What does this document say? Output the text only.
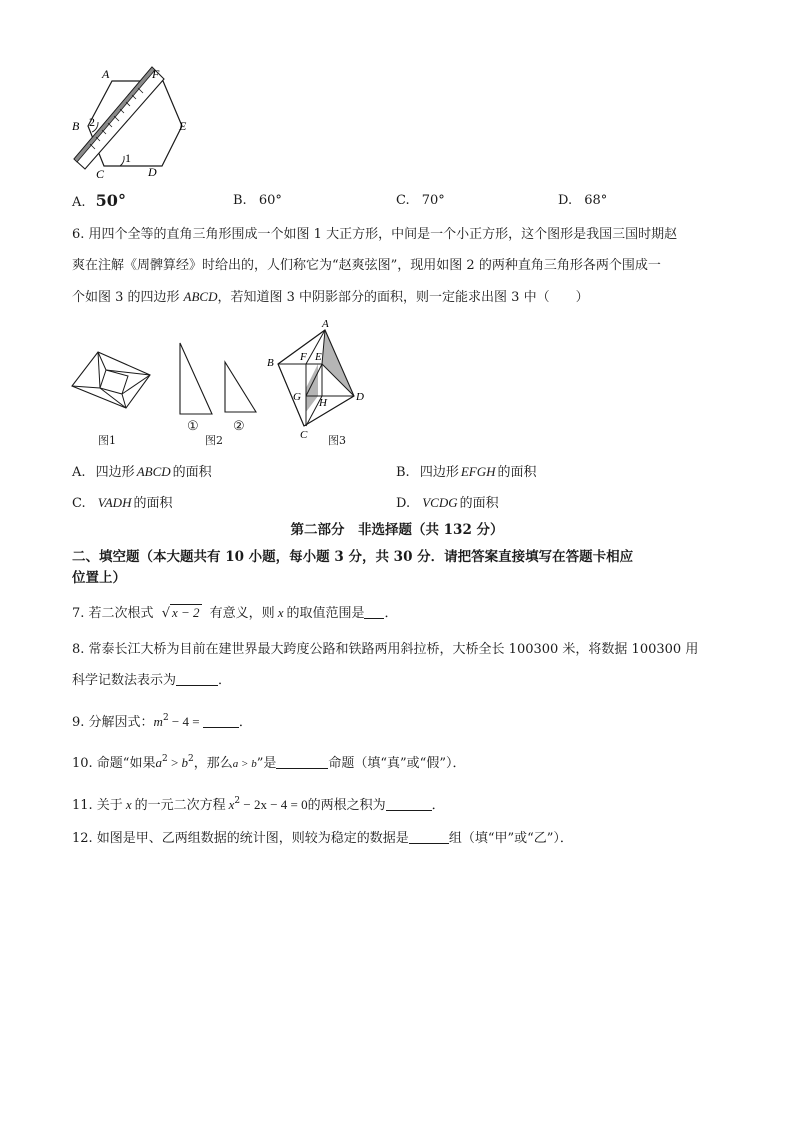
A	F
B 2	E
1
C	D
A. 50°	B. 60°	C. 70°	D. 68°
6. 用四个全等的直角三角形围成一个如图 1 大正方形，中间是一个小正方形，这个图形是我国三国时期赵
爽在注解《周髀算经》时给出的，人们称它为“赵爽弦图”，现用如图 2 的两种直角三角形各两个围成一
个如图 3 的四边形 ABCD，若知道图 3 中阴影部分的面积，则一定能求出图 3 中（　　）
图1
①	②
图2
A
B F E
G H	D
C 图3
A. 四边形 ABCD 的面积	B. 四边形 EFGH 的面积
C. VADH 的面积	D. VCDG 的面积
第二部分　非选择题（共 132 分）
二、填空题（本大题共有 10 小题，每小题 3 分，共 30 分．请把答案直接填写在答题卡相应
位置上）
7. 若二次根式 √ x − 2 有意义，则 x 的取值范围是 ．
8. 常泰长江大桥为目前在建世界最大跨度公路和铁路两用斜拉桥，大桥全长 100300 米，将数据 100300 用
科学记数法表示为	．
9. 分解因式：$m^2 - 4$ =	．
10. 命题“如果$a^2 > b^2$，那么a > b”是	命题（填“真”或“假”）．
11. 关于 x 的一元二次方程 $x^2 - 2x - 4 = 0$的两根之积为	．
12. 如图是甲、乙两组数据的统计图，则较为稳定的数据是	组（填“甲”或“乙”）．
